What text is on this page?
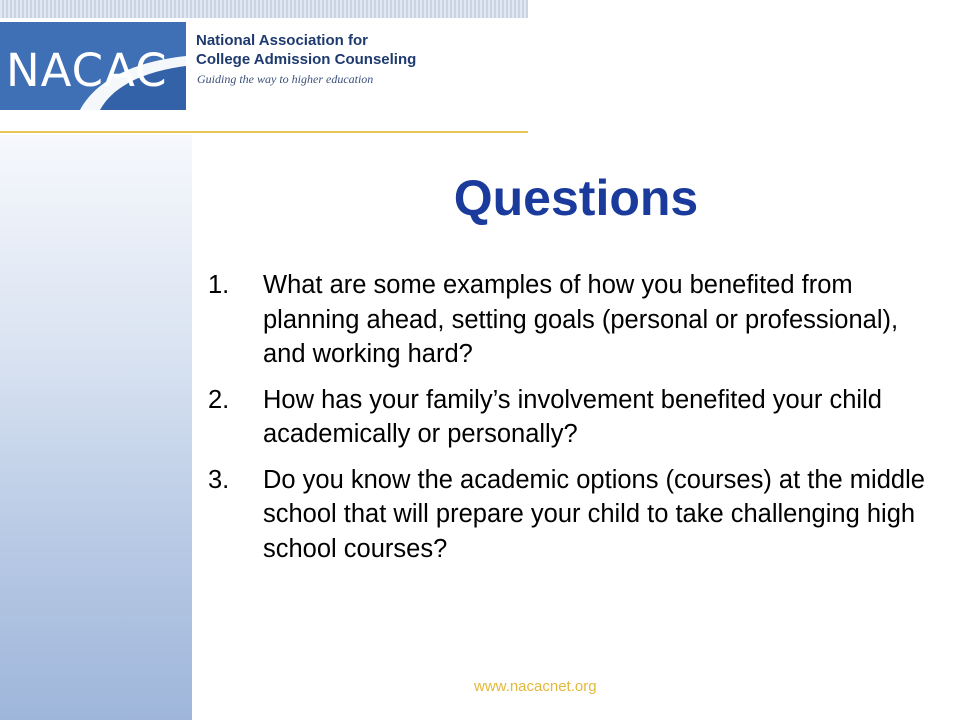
NACAC
National Association for
College Admission Counseling
Guiding the way to higher education
Questions
1.	What are some examples of how you benefited from planning ahead, setting goals (personal or professional), and working hard?
2.	How has your family’s involvement benefited your child academically or personally?
3.	Do you know the academic options (courses) at the middle school that will prepare your child to take challenging high school courses?
www.nacacnet.org
